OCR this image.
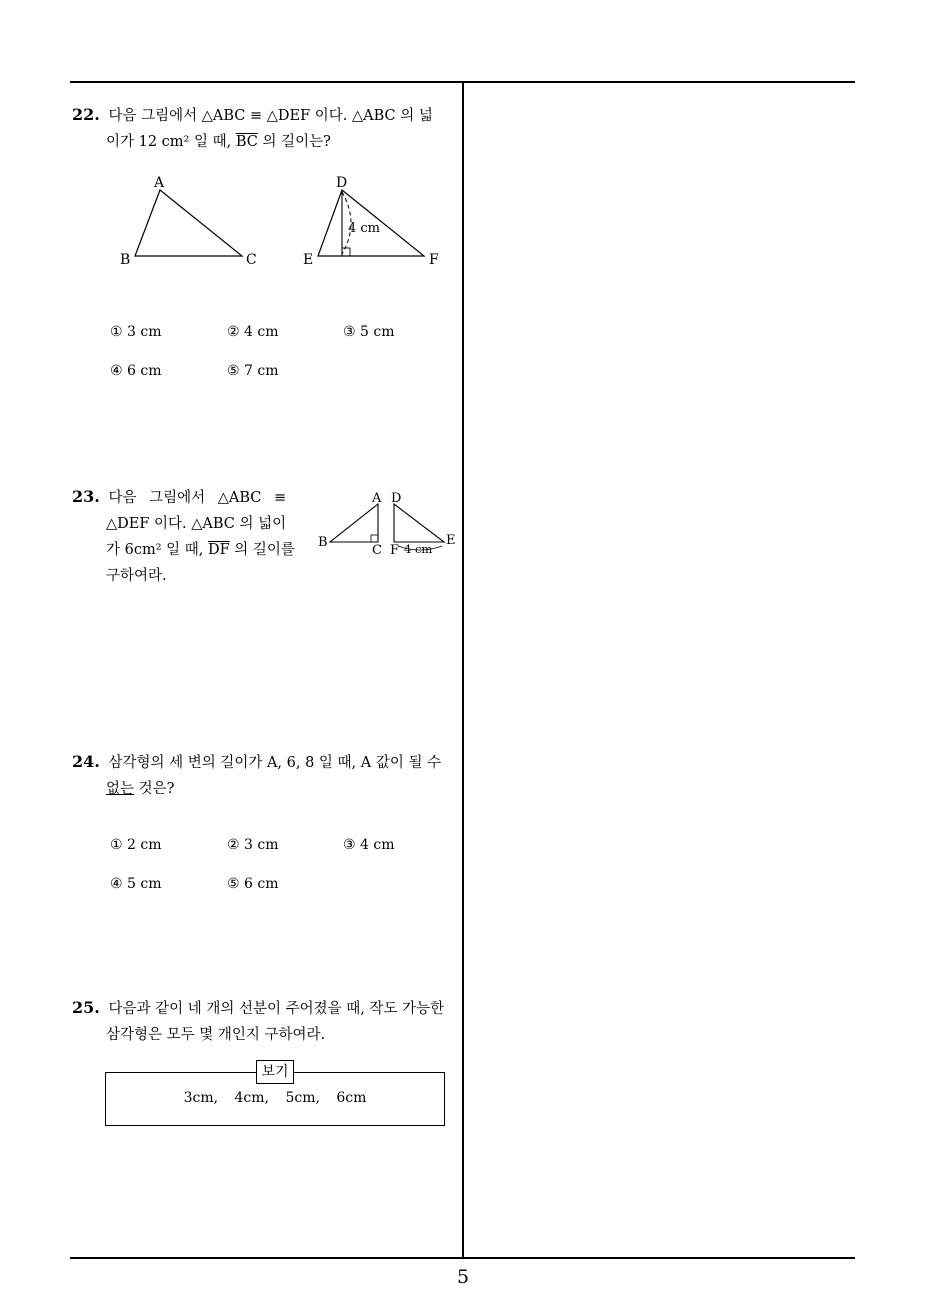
22. 다음 그림에서 △ABC ≡ △DEF 이다. △ABC 의 넓
이가 12 cm² 일 때, $\overline{BC}$ 의 길이는?
A
B	C
4 cm
D
E	F
① 3 cm	② 4 cm	③ 5 cm
④ 6 cm	⑤ 7 cm
23. 다음 그림에서 △ABC ≡
△DEF 이다. △ABC 의 넓이
가 6cm² 일 때, $\overline{DF}$ 의 길이를
구하여라.
A
B
C
D
E
F 4 cm
24. 삼각형의 세 변의 길이가 A, 6, 8 일 때, A 값이 될 수
없는 것은?
① 2 cm	② 3 cm	③ 4 cm
④ 5 cm	⑤ 6 cm
25. 다음과 같이 네 개의 선분이 주어졌을 때, 작도 가능한
삼각형은 모두 몇 개인지 구하여라.
보기
3cm, 4cm, 5cm, 6cm
5
